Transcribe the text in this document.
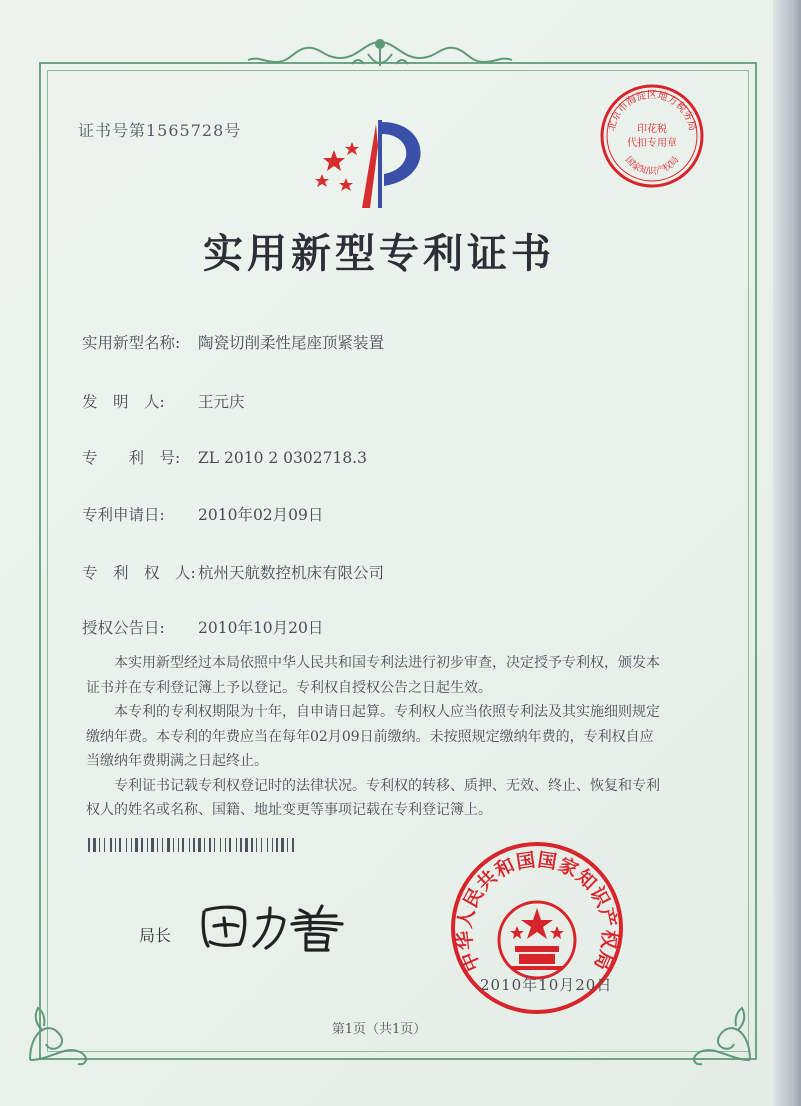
证书号第1565728号	北京市海淀区地方税务局
印花税
代扣专用章
国家知识产权局
实用新型专利证书
实用新型名称: 陶瓷切削柔性尾座顶紧装置
发　明　人: 王元庆
专　　利　号: ZL 2010 2 0302718.3
专利申请日: 2010年02月09日
专　利　权　人: 杭州天航数控机床有限公司
授权公告日: 2010年10月20日

本实用新型经过本局依照中华人民共和国专利法进行初步审查，决定授予专利权，颁发本证书并在专利登记簿上予以登记。专利权自授权公告之日起生效。

本专利的专利权期限为十年，自申请日起算。专利权人应当依照专利法及其实施细则规定缴纳年费。本专利的年费应当在每年02月09日前缴纳。未按照规定缴纳年费的，专利权自应当缴纳年费期满之日起终止。

专利证书记载专利权登记时的法律状况。专利权的转移、质押、无效、终止、恢复和专利权人的姓名或名称、国籍、地址变更等事项记载在专利登记簿上。

局长
中华人民共和国国家知识产权局
2010年10月20日
第1页（共1页）
